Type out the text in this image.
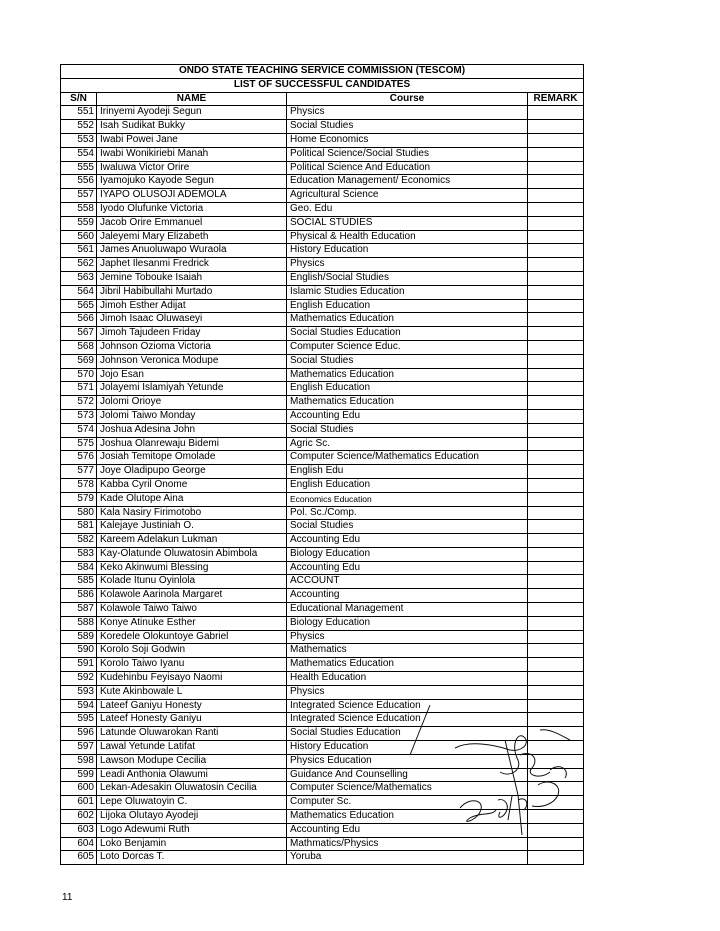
ONDO STATE TEACHING SERVICE COMMISSION (TESCOM)			
LIST OF SUCCESSFUL CANDIDATES			
S/N	NAME	Course	REMARK
551	Irinyemi Ayodeji Segun	Physics	
552	Isah Sudikat Bukky	Social Studies	
553	Iwabi Powei Jane	Home Economics	
554	Iwabi Wonikiriebi Manah	Political Science/Social Studies	
555	Iwaluwa Victor Orire	Political Science And Education	
556	Iyamojuko Kayode Segun	Education Management/ Economics	
557	IYAPO OLUSOJI ADEMOLA	Agricultural Science	
558	Iyodo Olufunke Victoria	Geo. Edu	
559	Jacob Orire Emmanuel	SOCIAL STUDIES	
560	Jaleyemi Mary Elizabeth	Physical & Health Education	
561	James Anuoluwapo Wuraola	History Education	
562	Japhet Ilesanmi Fredrick	Physics	
563	Jemine Tobouke Isaiah	English/Social Studies	
564	Jibril Habibullahi Murtado	Islamic Studies Education	
565	Jimoh Esther Adijat	English Education	
566	Jimoh Isaac Oluwaseyi	Mathematics Education	
567	Jimoh Tajudeen Friday	Social Studies Education	
568	Johnson Ozioma Victoria	Computer Science Educ.	
569	Johnson Veronica Modupe	Social Studies	
570	Jojo Esan	Mathematics Education	
571	Jolayemi Islamiyah Yetunde	English Education	
572	Jolomi Orioye	Mathematics Education	
573	Jolomi Taiwo Monday	Accounting Edu	
574	Joshua Adesina John	Social Studies	
575	Joshua Olanrewaju Bidemi	Agric Sc.	
576	Josiah Temitope Omolade	Computer Science/Mathematics Education	
577	Joye Oladipupo George	English Edu	
578	Kabba Cyril Onome	English Education	
579	Kade Olutope Aina	Economics Education	
580	Kala Nasiry Firimotobo	Pol. Sc./Comp.	
581	Kalejaye Justiniah O.	Social Studies	
582	Kareem Adelakun Lukman	Accounting Edu	
583	Kay-Olatunde Oluwatosin Abimbola	Biology Education	
584	Keko Akinwumi Blessing	Accounting Edu	
585	Kolade Itunu Oyinlola	ACCOUNT	
586	Kolawole Aarinola Margaret	Accounting	
587	Kolawole Taiwo Taiwo	Educational Management	
588	Konye Atinuke Esther	Biology Education	
589	Koredele Olokuntoye Gabriel	Physics	
590	Korolo Soji Godwin	Mathematics	
591	Korolo Taiwo Iyanu	Mathematics Education	
592	Kudehinbu Feyisayo Naomi	Health Education	
593	Kute Akinbowale L	Physics	
594	Lateef Ganiyu Honesty	Integrated Science Education	
595	Lateef Honesty Ganiyu	Integrated Science Education	
596	Latunde Oluwarokan Ranti	Social Studies Education	
597	Lawal Yetunde Latifat	History Education	
598	Lawson Modupe Cecilia	Physics Education	
599	Leadi Anthonia Olawumi	Guidance And Counselling	
600	Lekan-Adesakin Oluwatosin Cecilia	Computer Science/Mathematics	
601	Lepe Oluwatoyin C.	Computer Sc.	
602	Lijoka Olutayo Ayodeji	Mathematics Education	
603	Logo Adewumi Ruth	Accounting Edu	
604	Loko Benjamin	Mathmatics/Physics	
605	Loto Dorcas T.	Yoruba	
11
